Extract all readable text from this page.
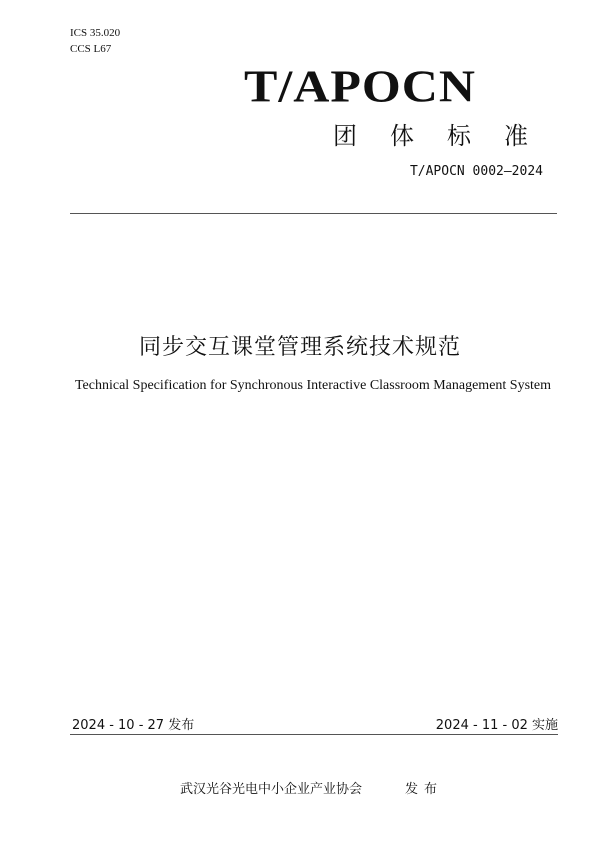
ICS 35.020
CCS L67
T/APOCN
团体标准
T/APOCN 0002—2024
同步交互课堂管理系统技术规范
Technical Specification for Synchronous Interactive Classroom Management System
2024 - 10 - 27 发布	2024 - 11 - 02 实施
武汉光谷光电中小企业产业协会	发布
